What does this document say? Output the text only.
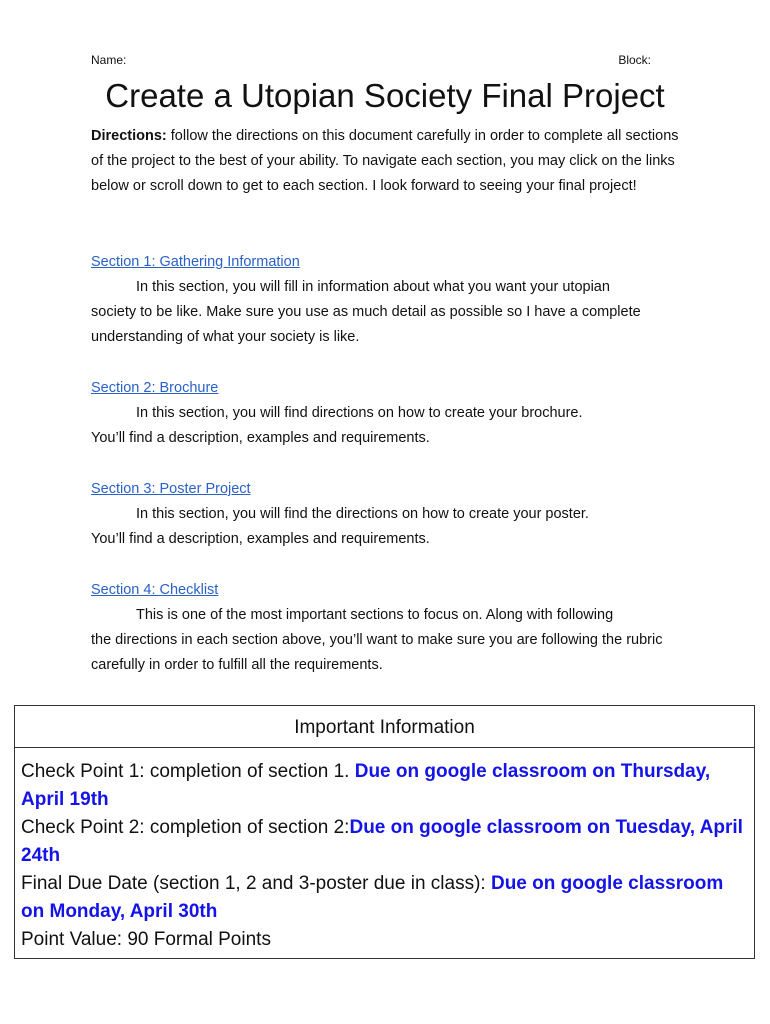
Name:	Block:
Create a Utopian Society Final Project
Directions: follow the directions on this document carefully in order to complete all sections of the project to the best of your ability. To navigate each section, you may click on the links below or scroll down to get to each section. I look forward to seeing your final project!
Section 1: Gathering Information
In this section, you will fill in information about what you want your utopian
society to be like. Make sure you use as much detail as possible so I have a complete understanding of what your society is like.
Section 2: Brochure
In this section, you will find directions on how to create your brochure.
You’ll find a description, examples and requirements.
Section 3: Poster Project
In this section, you will find the directions on how to create your poster.
You’ll find a description, examples and requirements.
Section 4: Checklist
This is one of the most important sections to focus on. Along with following
the directions in each section above, you’ll want to make sure you are following the rubric carefully in order to fulfill all the requirements.
Important Information
Check Point 1: completion of section 1. Due on google classroom on Thursday, April 19th
Check Point 2: completion of section 2:Due on google classroom on Tuesday, April 24th
Final Due Date (section 1, 2 and 3-poster due in class): Due on google classroom on Monday, April 30th
Point Value: 90 Formal Points
